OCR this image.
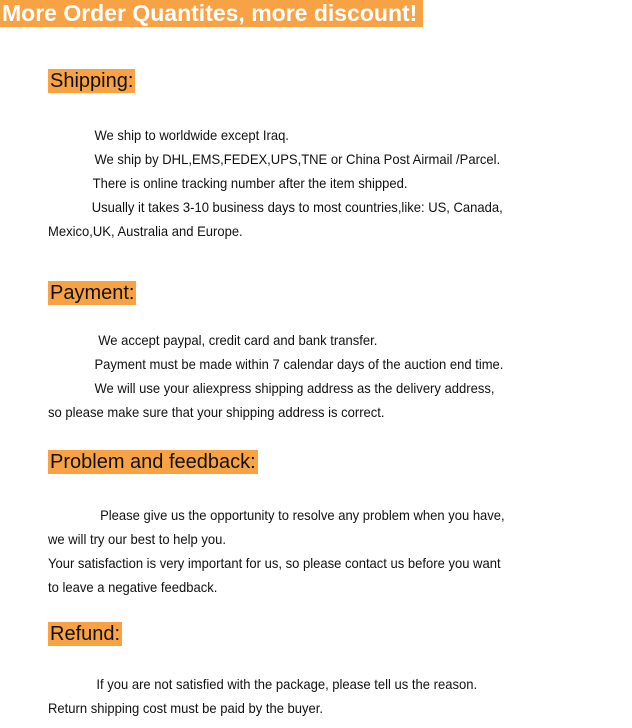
More Order Quantites, more discount!
Shipping:
We ship to worldwide except Iraq.
We ship by DHL,EMS,FEDEX,UPS,TNE or China Post Airmail /Parcel.
There is online tracking number after the item shipped.
Usually it takes 3-10 business days to most countries,like: US, Canada,
Mexico,UK, Australia and Europe.
Payment:
We accept paypal, credit card and bank transfer.
Payment must be made within 7 calendar days of the auction end time.
We will use your aliexpress shipping address as the delivery address,
so please make sure that your shipping address is correct.
Problem and feedback:
Please give us the opportunity to resolve any problem when you have,
we will try our best to help you.
Your satisfaction is very important for us, so please contact us before you want
to leave a negative feedback.
Refund:
If you are not satisfied with the package, please tell us the reason.
Return shipping cost must be paid by the buyer.
